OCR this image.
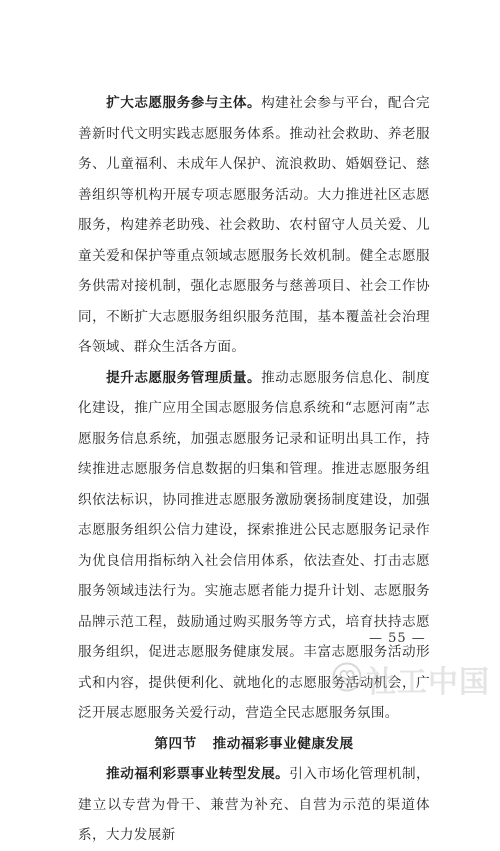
扩大志愿服务参与主体。构建社会参与平台，配合完善新时代文明实践志愿服务体系。推动社会救助、养老服务、儿童福利、未成年人保护、流浪救助、婚姻登记、慈善组织等机构开展专项志愿服务活动。大力推进社区志愿服务，构建养老助残、社会救助、农村留守人员关爱、儿童关爱和保护等重点领域志愿服务长效机制。健全志愿服务供需对接机制，强化志愿服务与慈善项目、社会工作协同，不断扩大志愿服务组织服务范围，基本覆盖社会治理各领域、群众生活各方面。

提升志愿服务管理质量。推动志愿服务信息化、制度化建设，推广应用全国志愿服务信息系统和“志愿河南”志愿服务信息系统，加强志愿服务记录和证明出具工作，持续推进志愿服务信息数据的归集和管理。推进志愿服务组织依法标识，协同推进志愿服务激励褒扬制度建设，加强志愿服务组织公信力建设，探索推进公民志愿服务记录作为优良信用指标纳入社会信用体系，依法查处、打击志愿服务领域违法行为。实施志愿者能力提升计划、志愿服务品牌示范工程，鼓励通过购买服务等方式，培育扶持志愿服务组织，促进志愿服务健康发展。丰富志愿服务活动形式和内容，提供便利化、就地化的志愿服务活动机会，广泛开展志愿服务关爱行动，营造全民志愿服务氛围。

第四节 推动福彩事业健康发展

推动福利彩票事业转型发展。引入市场化管理机制，建立以专营为骨干、兼营为补充、自营为示范的渠道体系，大力发展新

— 55 —
社工中国
